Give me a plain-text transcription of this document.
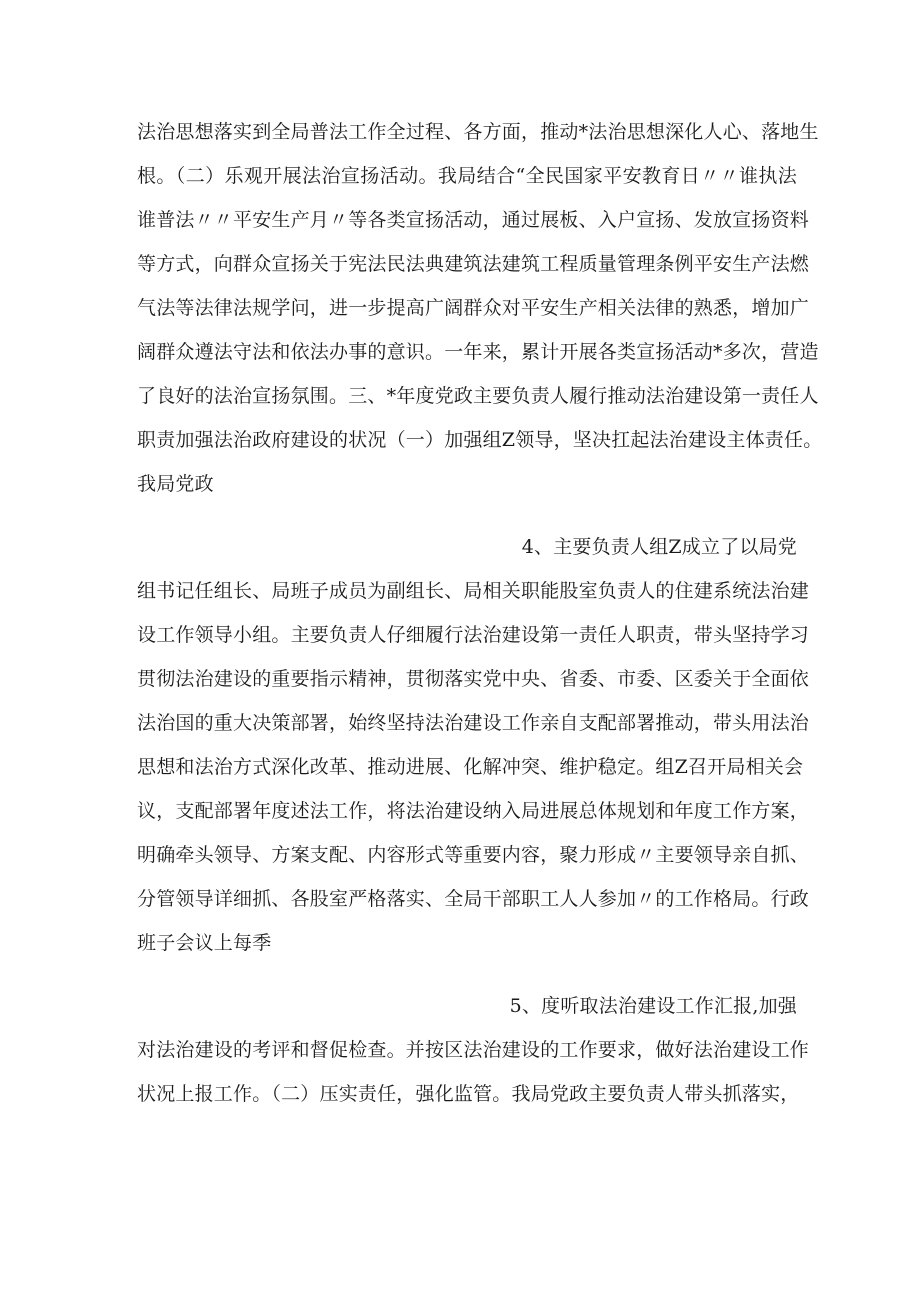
法治思想落实到全局普法工作全过程、各方面，推动*法治思想深化人心、落地生
根。（二）乐观开展法治宣扬活动。我局结合“全民国家平安教育日〃〃谁执法
谁普法〃〃平安生产月〃等各类宣扬活动，通过展板、入户宣扬、发放宣扬资料
等方式，向群众宣扬关于宪法民法典建筑法建筑工程质量管理条例平安生产法燃
气法等法律法规学问，进一步提高广阔群众对平安生产相关法律的熟悉，增加广
阔群众遵法守法和依法办事的意识。一年来，累计开展各类宣扬活动*多次，营造
了良好的法治宣扬氛围。三、*年度党政主要负责人履行推动法治建设第一责任人
职责加强法治政府建设的状况（一）加强组Z领导，坚决扛起法治建设主体责任。
我局党政
4、主要负责人组Z成立了以局党
组书记任组长、局班子成员为副组长、局相关职能股室负责人的住建系统法治建
设工作领导小组。主要负责人仔细履行法治建设第一责任人职责，带头坚持学习
贯彻法治建设的重要指示精神，贯彻落实党中央、省委、市委、区委关于全面依
法治国的重大决策部署，始终坚持法治建设工作亲自支配部署推动，带头用法治
思想和法治方式深化改革、推动进展、化解冲突、维护稳定。组Z召开局相关会
议，支配部署年度述法工作，将法治建设纳入局进展总体规划和年度工作方案，
明确牵头领导、方案支配、内容形式等重要内容，聚力形成〃主要领导亲自抓、
分管领导详细抓、各股室严格落实、全局干部职工人人参加〃的工作格局。行政
班子会议上每季
5、度听取法治建设工作汇报,加强
对法治建设的考评和督促检查。并按区法治建设的工作要求，做好法治建设工作
状况上报工作。（二）压实责任，强化监管。我局党政主要负责人带头抓落实，
